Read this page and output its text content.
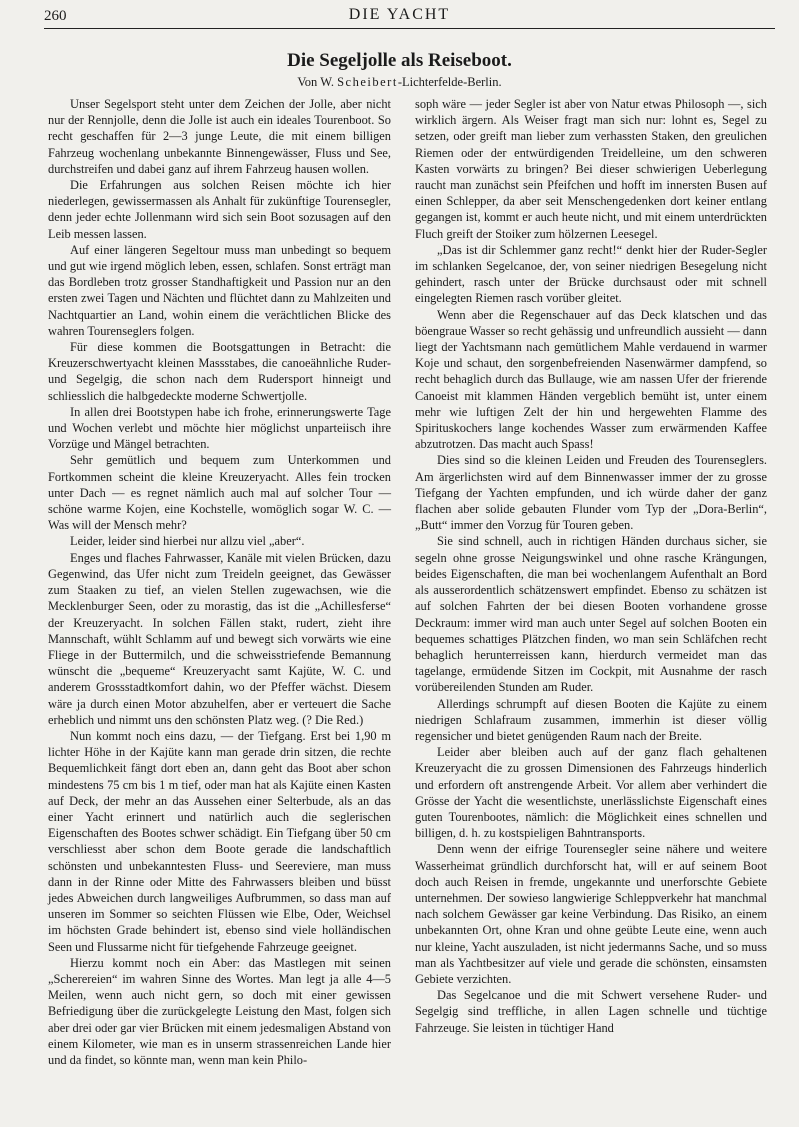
260	DIE YACHT
Die Segeljolle als Reiseboot.
Von W. Scheibert-Lichterfelde-Berlin.

Unser Segelsport steht unter dem Zeichen der Jolle, aber nicht nur der Rennjolle, denn die Jolle ist auch ein ideales Tourenboot. So recht geschaffen für 2—3 junge Leute, die mit einem billigen Fahrzeug wochenlang unbekannte Binnengewässer, Fluss und See, durchstreifen und dabei ganz auf ihrem Fahrzeug hausen wollen.

Die Erfahrungen aus solchen Reisen möchte ich hier niederlegen, gewissermassen als Anhalt für zukünftige Tourensegler, denn jeder echte Jollenmann wird sich sein Boot sozusagen auf den Leib messen lassen.

Auf einer längeren Segeltour muss man unbedingt so bequem und gut wie irgend möglich leben, essen, schlafen. Sonst erträgt man das Bordleben trotz grosser Standhaftigkeit und Passion nur an den ersten zwei Tagen und Nächten und flüchtet dann zu Mahlzeiten und Nachtquartier an Land, wohin einem die verächtlichen Blicke des wahren Tourenseglers folgen.

Für diese kommen die Bootsgattungen in Betracht: die Kreuzerschwertyacht kleinen Massstabes, die canoeähnliche Ruder- und Segelgig, die schon nach dem Rudersport hinneigt und schliesslich die halbgedeckte moderne Schwertjolle.

In allen drei Bootstypen habe ich frohe, erinnerungswerte Tage und Wochen verlebt und möchte hier möglichst unparteiisch ihre Vorzüge und Mängel betrachten.

Sehr gemütlich und bequem zum Unterkommen und Fortkommen scheint die kleine Kreuzeryacht. Alles fein trocken unter Dach — es regnet nämlich auch mal auf solcher Tour — schöne warme Kojen, eine Kochstelle, womöglich sogar W. C. — Was will der Mensch mehr?

Leider, leider sind hierbei nur allzu viel „aber“.

Enges und flaches Fahrwasser, Kanäle mit vielen Brücken, dazu Gegenwind, das Ufer nicht zum Treideln geeignet, das Gewässer zum Staaken zu tief, an vielen Stellen zugewachsen, wie die Mecklenburger Seen, oder zu morastig, das ist die „Achillesferse“ der Kreuzeryacht. In solchen Fällen stakt, rudert, zieht ihre Mannschaft, wühlt Schlamm auf und bewegt sich vorwärts wie eine Fliege in der Buttermilch, und die schweisstriefende Bemannung wünscht die „bequeme“ Kreuzeryacht samt Kajüte, W. C. und anderem Grossstadtkomfort dahin, wo der Pfeffer wächst. Diesem wäre ja durch einen Motor abzuhelfen, aber er verteuert die Sache erheblich und nimmt uns den schönsten Platz weg. (? Die Red.)

Nun kommt noch eins dazu, — der Tiefgang. Erst bei 1,90 m lichter Höhe in der Kajüte kann man gerade drin sitzen, die rechte Bequemlichkeit fängt dort eben an, dann geht das Boot aber schon mindestens 75 cm bis 1 m tief, oder man hat als Kajüte einen Kasten auf Deck, der mehr an das Aussehen einer Selterbude, als an das einer Yacht erinnert und natürlich auch die seglerischen Eigenschaften des Bootes schwer schädigt. Ein Tiefgang über 50 cm verschliesst aber schon dem Boote gerade die landschaftlich schönsten und unbekanntesten Fluss- und Seereviere, man muss dann in der Rinne oder Mitte des Fahrwassers bleiben und büsst jedes Abweichen durch langweiliges Aufbrummen, so dass man auf unseren im Sommer so seichten Flüssen wie Elbe, Oder, Weichsel im höchsten Grade behindert ist, ebenso sind viele holländischen Seen und Flussarme nicht für tiefgehende Fahrzeuge geeignet.

Hierzu kommt noch ein Aber: das Mastlegen mit seinen „Scherereien“ im wahren Sinne des Wortes. Man legt ja alle 4—5 Meilen, wenn auch nicht gern, so doch mit einer gewissen Befriedigung über die zurückgelegte Leistung den Mast, folgen sich aber drei oder gar vier Brücken mit einem jedesmaligen Abstand von einem Kilometer, wie man es in unserm strassenreichen Lande hier und da findet, so könnte man, wenn man kein Philo-

soph wäre — jeder Segler ist aber von Natur etwas Philosoph —, sich wirklich ärgern. Als Weiser fragt man sich nur: lohnt es, Segel zu setzen, oder greift man lieber zum verhassten Staken, den greulichen Riemen oder der entwürdigenden Treidelleine, um den schweren Kasten vorwärts zu bringen? Bei dieser schwierigen Ueberlegung raucht man zunächst sein Pfeifchen und hofft im innersten Busen auf einen Schlepper, da aber seit Menschengedenken dort keiner entlang gegangen ist, kommt er auch heute nicht, und mit einem unterdrückten Fluch greift der Stoiker zum hölzernen Leesegel.

„Das ist dir Schlemmer ganz recht!“ denkt hier der Ruder-Segler im schlanken Segelcanoe, der, von seiner niedrigen Besegelung nicht gehindert, rasch unter der Brücke durchsaust oder mit schnell eingelegten Riemen rasch vorüber gleitet.

Wenn aber die Regenschauer auf das Deck klatschen und das böengraue Wasser so recht gehässig und unfreundlich aussieht — dann liegt der Yachtsmann nach gemütlichem Mahle verdauend in warmer Koje und schaut, den sorgenbefreienden Nasenwärmer dampfend, so recht behaglich durch das Bullauge, wie am nassen Ufer der frierende Canoeist mit klammen Händen vergeblich bemüht ist, unter einem mehr wie luftigen Zelt der hin und hergewehten Flamme des Spirituskochers lange kochendes Wasser zum erwärmenden Kaffee abzutrotzen. Das macht auch Spass!

Dies sind so die kleinen Leiden und Freuden des Tourenseglers. Am ärgerlichsten wird auf dem Binnenwasser immer der zu grosse Tiefgang der Yachten empfunden, und ich würde daher der ganz flachen aber solide gebauten Flunder vom Typ der „Dora-Berlin“, „Butt“ immer den Vorzug für Touren geben.

Sie sind schnell, auch in richtigen Händen durchaus sicher, sie segeln ohne grosse Neigungswinkel und ohne rasche Krängungen, beides Eigenschaften, die man bei wochenlangem Aufenthalt an Bord als ausserordentlich schätzenswert empfindet. Ebenso zu schätzen ist auf solchen Fahrten der bei diesen Booten vorhandene grosse Deckraum: immer wird man auch unter Segel auf solchen Booten ein bequemes schattiges Plätzchen finden, wo man sein Schläfchen recht behaglich herunterreissen kann, hierdurch vermeidet man das tagelange, ermüdende Sitzen im Cockpit, mit Ausnahme der rasch vorübereilenden Stunden am Ruder.

Allerdings schrumpft auf diesen Booten die Kajüte zu einem niedrigen Schlafraum zusammen, immerhin ist dieser völlig regensicher und bietet genügenden Raum nach der Breite.

Leider aber bleiben auch auf der ganz flach gehaltenen Kreuzeryacht die zu grossen Dimensionen des Fahrzeugs hinderlich und erfordern oft anstrengende Arbeit. Vor allem aber verhindert die Grösse der Yacht die wesentlichste, unerlässlichste Eigenschaft eines guten Tourenbootes, nämlich: die Möglichkeit eines schnellen und billigen, d. h. zu kostspieligen Bahntransports.

Denn wenn der eifrige Tourensegler seine nähere und weitere Wasserheimat gründlich durchforscht hat, will er auf seinem Boot doch auch Reisen in fremde, ungekannte und unerforschte Gebiete unternehmen. Der sowieso langwierige Schleppverkehr hat manchmal nach solchem Gewässer gar keine Verbindung. Das Risiko, an einem unbekannten Ort, ohne Kran und ohne geübte Leute eine, wenn auch nur kleine, Yacht auszuladen, ist nicht jedermanns Sache, und so muss man als Yachtbesitzer auf viele und gerade die schönsten, einsamsten Gebiete verzichten.

Das Segelcanoe und die mit Schwert versehene Ruder- und Segelgig sind treffliche, in allen Lagen schnelle und tüchtige Fahrzeuge. Sie leisten in tüchtiger Hand
